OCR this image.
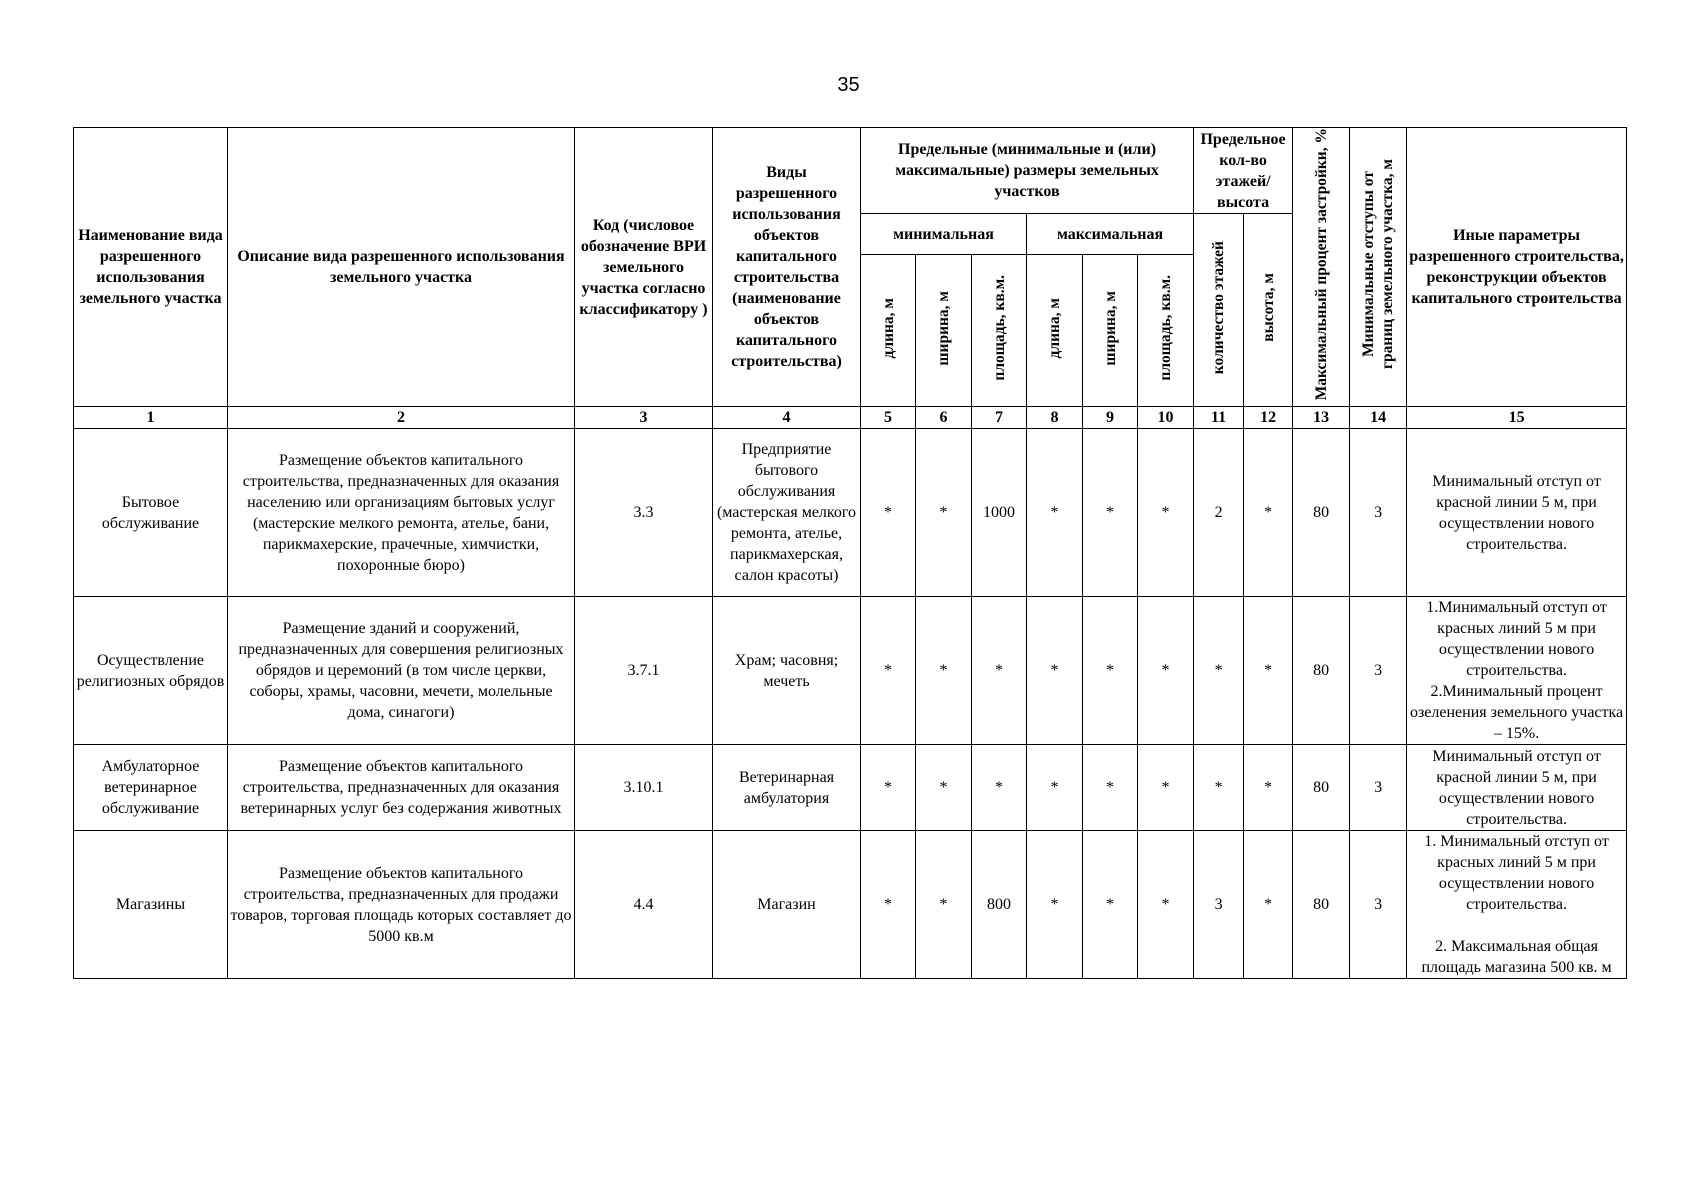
35
Наименование вида разрешенного использования земельного участка	Описание вида разрешенного использования земельного участка	Код (числовое обозначение ВРИ земельного участка согласно классификатору )	Виды разрешенного использования объектов капитального строительства (наименование объектов капитального строительства)	Предельные (минимальные и (или) максимальные) размеры земельных участков						Предельное кол-во этажей/ высота		Максимальный процент застройки, %	Минимальные отступы от границ земельного участка, м	Иные параметры разрешенного строительства, реконструкции объектов капитального строительства
				минимальная			максимальная			количество этажей	высота, м			
				длина, м	ширина, м	площадь, кв.м.	длина, м	ширина, м	площадь, кв.м.					
1	2	3	4	5	6	7	8	9	10	11	12	13	14	15
Бытовое обслуживание	Размещение объектов капитального строительства, предназначенных для оказания населению или организациям бытовых услуг (мастерские мелкого ремонта, ателье, бани, парикмахерские, прачечные, химчистки, похоронные бюро)	3.3	Предприятие бытового обслуживания (мастерская мелкого ремонта, ателье, парикмахерская, салон красоты)	*	*	1000	*	*	*	2	*	80	3	Минимальный отступ от красной линии 5 м, при осуществлении нового строительства.
Осуществление религиозных обрядов	Размещение зданий и сооружений, предназначенных для совершения религиозных обрядов и церемоний (в том числе церкви, соборы, храмы, часовни, мечети, молельные дома, синагоги)	3.7.1	Храм; часовня; мечеть	*	*	*	*	*	*	*	*	80	3	1.Минимальный отступ от красных линий 5 м при осуществлении нового строительства.
2.Минимальный процент озеленения земельного участка – 15%.
Амбулаторное ветеринарное обслуживание	Размещение объектов капитального строительства, предназначенных для оказания ветеринарных услуг без содержания животных	3.10.1	Ветеринарная амбулатория	*	*	*	*	*	*	*	*	80	3	Минимальный отступ от красной линии 5 м, при осуществлении нового строительства.
Магазины	Размещение объектов капитального строительства, предназначенных для продажи товаров, торговая площадь которых составляет до 5000 кв.м	4.4	Магазин	*	*	800	*	*	*	3	*	80	3	1. Минимальный отступ от красных линий 5 м при осуществлении нового строительства.

2. Максимальная общая площадь магазина 500 кв. м
